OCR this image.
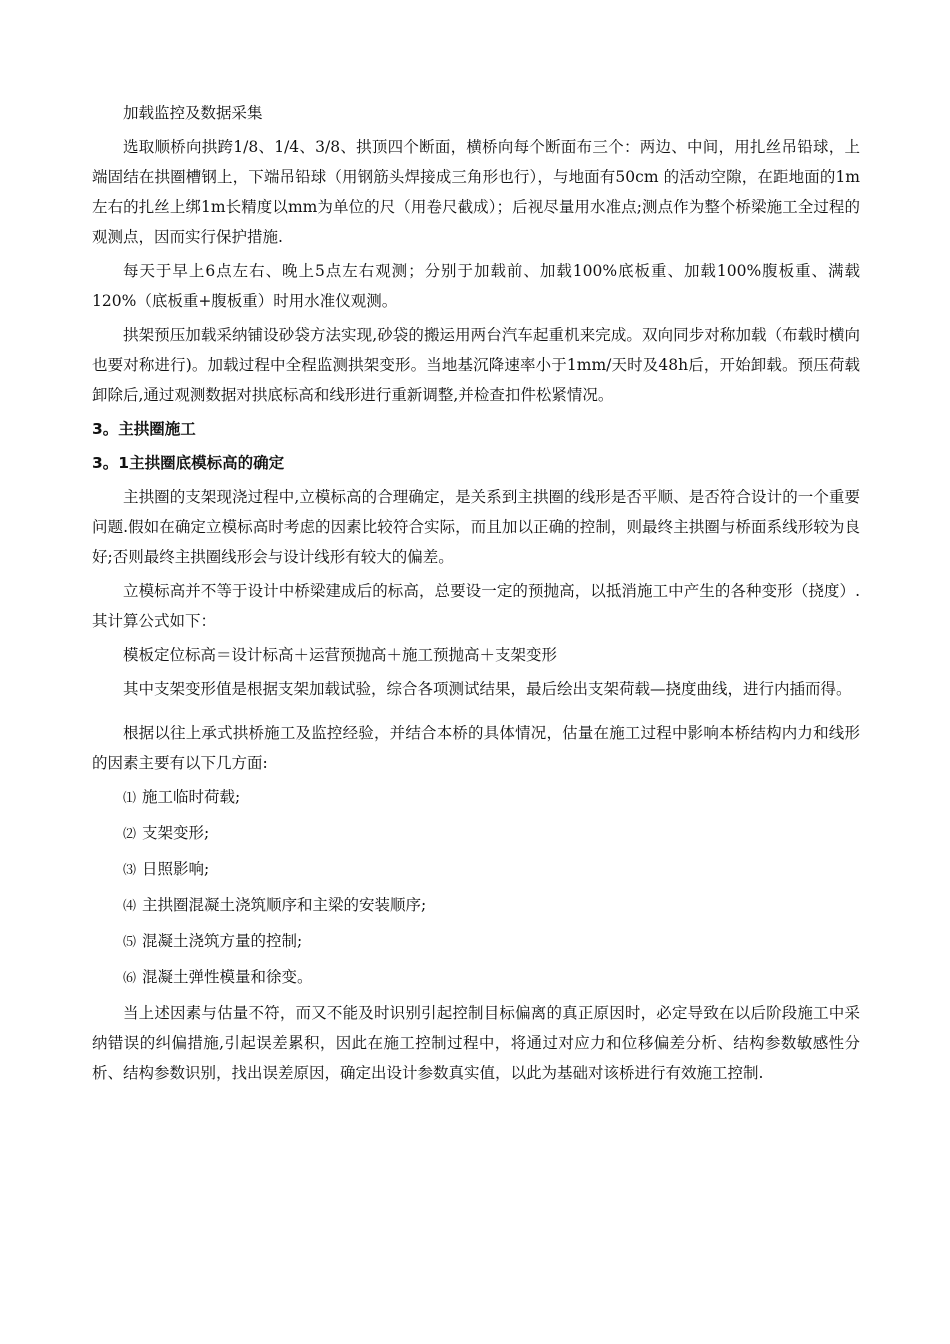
加载监控及数据采集

选取顺桥向拱跨1/8、1/4、3/8、拱顶四个断面，横桥向每个断面布三个：两边、中间，用扎丝吊铅球，上端固结在拱圈槽钢上，下端吊铅球（用钢筋头焊接成三角形也行），与地面有50cm 的活动空隙，在距地面的1m左右的扎丝上绑1m长精度以mm为单位的尺（用卷尺截成）；后视尽量用水准点;测点作为整个桥梁施工全过程的观测点，因而实行保护措施.

每天于早上6点左右、晚上5点左右观测；分别于加载前、加载100%底板重、加载100%腹板重、满载120%（底板重+腹板重）时用水准仪观测。

拱架预压加载采纳铺设砂袋方法实现,砂袋的搬运用两台汽车起重机来完成。双向同步对称加载（布载时横向也要对称进行)。加载过程中全程监测拱架变形。当地基沉降速率小于1mm/天时及48h后，开始卸载。预压荷载卸除后,通过观测数据对拱底标高和线形进行重新调整,并检查扣件松紧情况。

3。主拱圈施工
3。1主拱圈底模标高的确定

主拱圈的支架现浇过程中,立模标高的合理确定，是关系到主拱圈的线形是否平顺、是否符合设计的一个重要问题.假如在确定立模标高时考虑的因素比较符合实际，而且加以正确的控制，则最终主拱圈与桥面系线形较为良好;否则最终主拱圈线形会与设计线形有较大的偏差。

立模标高并不等于设计中桥梁建成后的标高，总要设一定的预抛高，以抵消施工中产生的各种变形（挠度）.其计算公式如下：

模板定位标高＝设计标高＋运营预抛高＋施工预抛高＋支架变形

其中支架变形值是根据支架加载试验，综合各项测试结果，最后绘出支架荷载—挠度曲线，进行内插而得。

根据以往上承式拱桥施工及监控经验，并结合本桥的具体情况，估量在施工过程中影响本桥结构内力和线形的因素主要有以下几方面:

⑴ 施工临时荷载;
⑵ 支架变形;
⑶ 日照影响;
⑷ 主拱圈混凝土浇筑顺序和主梁的安装顺序;
⑸ 混凝土浇筑方量的控制;
⑹ 混凝土弹性模量和徐变。

当上述因素与估量不符，而又不能及时识别引起控制目标偏离的真正原因时，必定导致在以后阶段施工中采纳错误的纠偏措施,引起误差累积，因此在施工控制过程中，将通过对应力和位移偏差分析、结构参数敏感性分析、结构参数识别，找出误差原因，确定出设计参数真实值，以此为基础对该桥进行有效施工控制.
